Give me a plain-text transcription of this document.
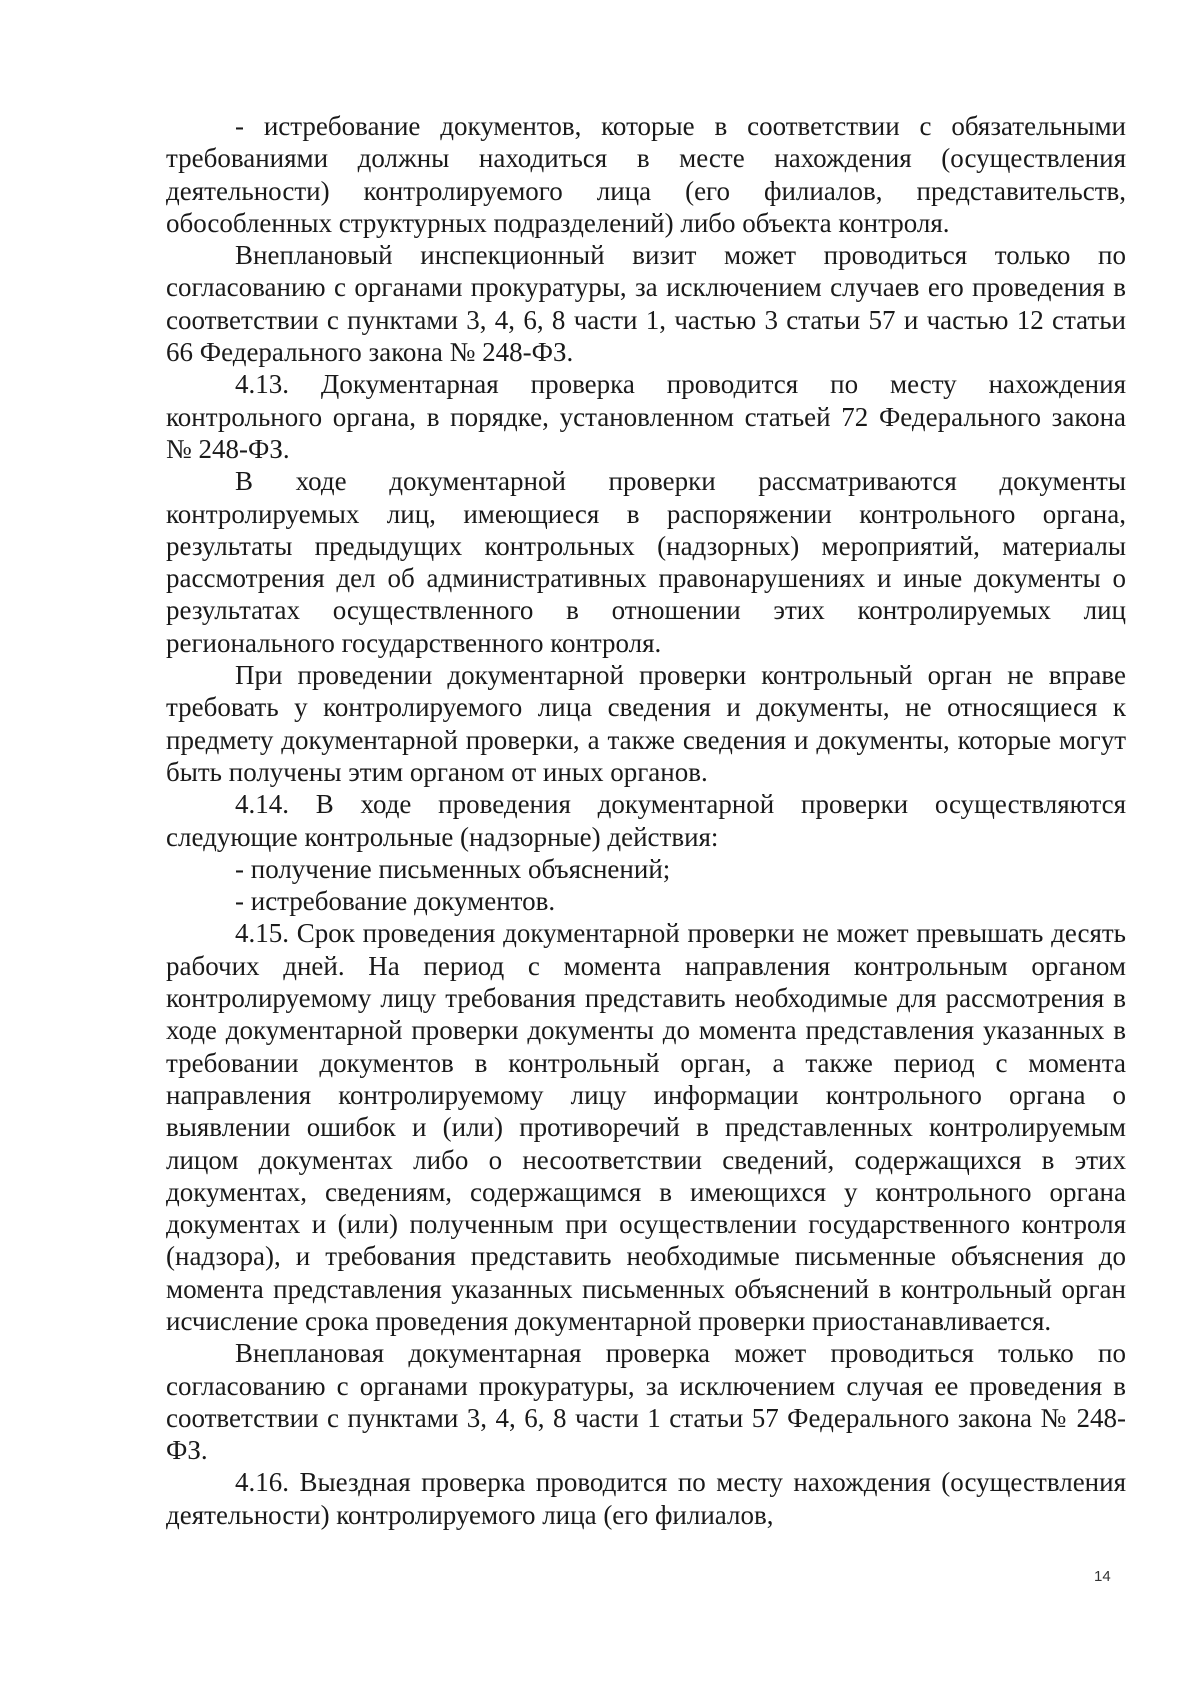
- истребование документов, которые в соответствии с обязательными требованиями должны находиться в месте нахождения (осуществления деятельности) контролируемого лица (его филиалов, представительств, обособленных структурных подразделений) либо объекта контроля.

Внеплановый инспекционный визит может проводиться только по согласованию с органами прокуратуры, за исключением случаев его проведения в соответствии с пунктами 3, 4, 6, 8 части 1, частью 3 статьи 57 и частью 12 статьи 66 Федерального закона № 248-ФЗ.

4.13. Документарная проверка проводится по месту нахождения контрольного органа, в порядке, установленном статьей 72 Федерального закона № 248-ФЗ.

В ходе документарной проверки рассматриваются документы контролируемых лиц, имеющиеся в распоряжении контрольного органа, результаты предыдущих контрольных (надзорных) мероприятий, материалы рассмотрения дел об административных правонарушениях и иные документы о результатах осуществленного в отношении этих контролируемых лиц регионального государственного контроля.

При проведении документарной проверки контрольный орган не вправе требовать у контролируемого лица сведения и документы, не относящиеся к предмету документарной проверки, а также сведения и документы, которые могут быть получены этим органом от иных органов.

4.14. В ходе проведения документарной проверки осуществляются следующие контрольные (надзорные) действия:

- получение письменных объяснений;

- истребование документов.

4.15. Срок проведения документарной проверки не может превышать десять рабочих дней. На период с момента направления контрольным органом контролируемому лицу требования представить необходимые для рассмотрения в ходе документарной проверки документы до момента представления указанных в требовании документов в контрольный орган, а также период с момента направления контролируемому лицу информации контрольного органа о выявлении ошибок и (или) противоречий в представленных контролируемым лицом документах либо о несоответствии сведений, содержащихся в этих документах, сведениям, содержащимся в имеющихся у контрольного органа документах и (или) полученным при осуществлении государственного контроля (надзора), и требования представить необходимые письменные объяснения до момента представления указанных письменных объяснений в контрольный орган исчисление срока проведения документарной проверки приостанавливается.

Внеплановая документарная проверка может проводиться только по согласованию с органами прокуратуры, за исключением случая ее проведения в соответствии с пунктами 3, 4, 6, 8 части 1 статьи 57 Федерального закона № 248-ФЗ.

4.16. Выездная проверка проводится по месту нахождения (осуществления деятельности) контролируемого лица (его филиалов,

14
